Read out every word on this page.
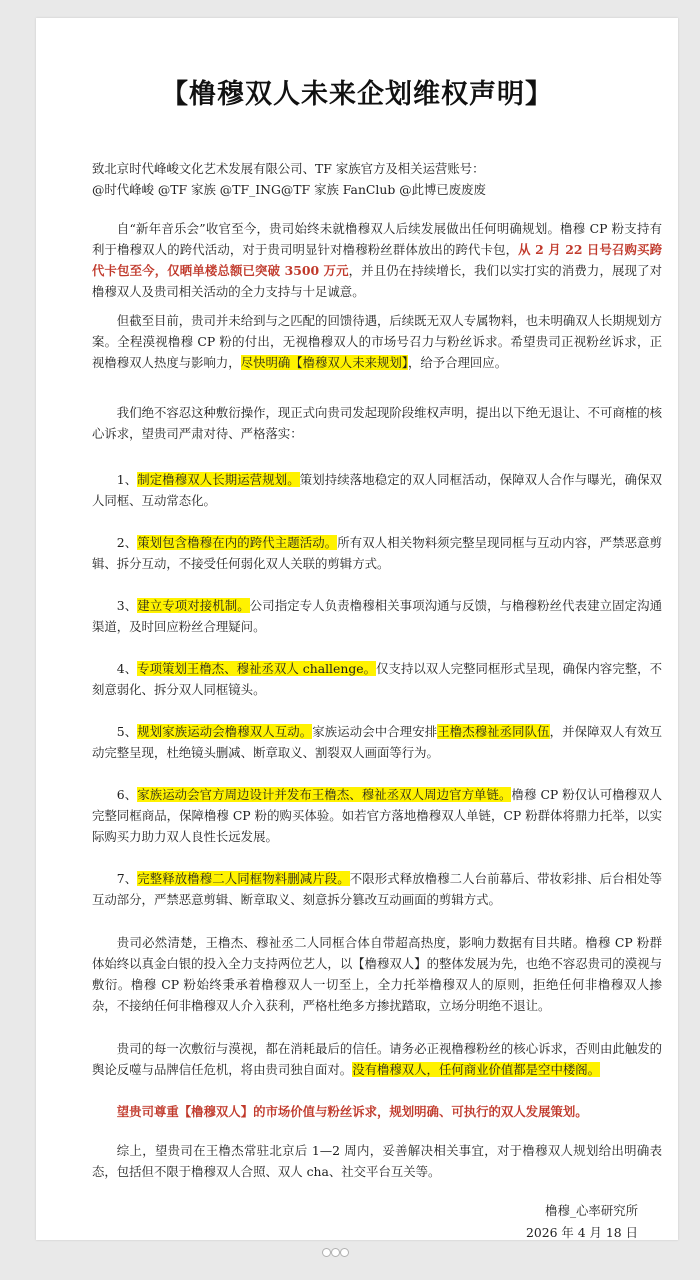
【橹穆双人未来企划维权声明】

致北京时代峰峻文化艺术发展有限公司、TF 家族官方及相关运营账号：

@时代峰峻 @TF 家族 @TF_ING@TF 家族 FanClub @此博已废废废

自“新年音乐会”收官至今，贵司始终未就橹穆双人后续发展做出任何明确规划。橹穆 CP 粉支持有利于橹穆双人的跨代活动，对于贵司明显针对橹穆粉丝群体放出的跨代卡包，从 2 月 22 日号召购买跨代卡包至今，仅晒单楼总额已突破 3500 万元，并且仍在持续增长，我们以实打实的消费力，展现了对橹穆双人及贵司相关活动的全力支持与十足诚意。

但截至目前，贵司并未给到与之匹配的回馈待遇，后续既无双人专属物料，也未明确双人长期规划方案。全程漠视橹穆 CP 粉的付出，无视橹穆双人的市场号召力与粉丝诉求。希望贵司正视粉丝诉求，正视橹穆双人热度与影响力，尽快明确【橹穆双人未来规划】，给予合理回应。

我们绝不容忍这种敷衍操作，现正式向贵司发起现阶段维权声明，提出以下绝无退让、不可商榷的核心诉求，望贵司严肃对待、严格落实：

1、制定橹穆双人长期运营规划。策划持续落地稳定的双人同框活动，保障双人合作与曝光，确保双人同框、互动常态化。

2、策划包含橹穆在内的跨代主题活动。所有双人相关物料须完整呈现同框与互动内容，严禁恶意剪辑、拆分互动，不接受任何弱化双人关联的剪辑方式。

3、建立专项对接机制。公司指定专人负责橹穆相关事项沟通与反馈，与橹穆粉丝代表建立固定沟通渠道，及时回应粉丝合理疑问。

4、专项策划王橹杰、穆祉丞双人 challenge。仅支持以双人完整同框形式呈现，确保内容完整，不刻意弱化、拆分双人同框镜头。

5、规划家族运动会橹穆双人互动。家族运动会中合理安排王橹杰穆祉丞同队伍，并保障双人有效互动完整呈现，杜绝镜头删减、断章取义、割裂双人画面等行为。

6、家族运动会官方周边设计并发布王橹杰、穆祉丞双人周边官方单链。橹穆 CP 粉仅认可橹穆双人完整同框商品，保障橹穆 CP 粉的购买体验。如若官方落地橹穆双人单链，CP 粉群体将鼎力托举，以实际购买力助力双人良性长远发展。

7、完整释放橹穆二人同框物料删减片段。不限形式释放橹穆二人台前幕后、带妆彩排、后台相处等互动部分，严禁恶意剪辑、断章取义、刻意拆分篡改互动画面的剪辑方式。

贵司必然清楚，王橹杰、穆祉丞二人同框合体自带超高热度，影响力数据有目共睹。橹穆 CP 粉群体始终以真金白银的投入全力支持两位艺人，以【橹穆双人】的整体发展为先，也绝不容忍贵司的漠视与敷衍。橹穆 CP 粉始终秉承着橹穆双人一切至上，全力托举橹穆双人的原则，拒绝任何非橹穆双人掺杂，不接纳任何非橹穆双人介入获利，严格杜绝多方掺扰踏取，立场分明绝不退让。

贵司的每一次敷衍与漠视，都在消耗最后的信任。请务必正视橹穆粉丝的核心诉求，否则由此触发的舆论反噬与品牌信任危机，将由贵司独自面对。没有橹穆双人，任何商业价值都是空中楼阁。

望贵司尊重【橹穆双人】的市场价值与粉丝诉求，规划明确、可执行的双人发展策划。

综上，望贵司在王橹杰常驻北京后 1—2 周内，妥善解决相关事宜，对于橹穆双人规划给出明确表态，包括但不限于橹穆双人合照、双人 cha、社交平台互关等。

橹穆_心率研究所
2026 年 4 月 18 日
